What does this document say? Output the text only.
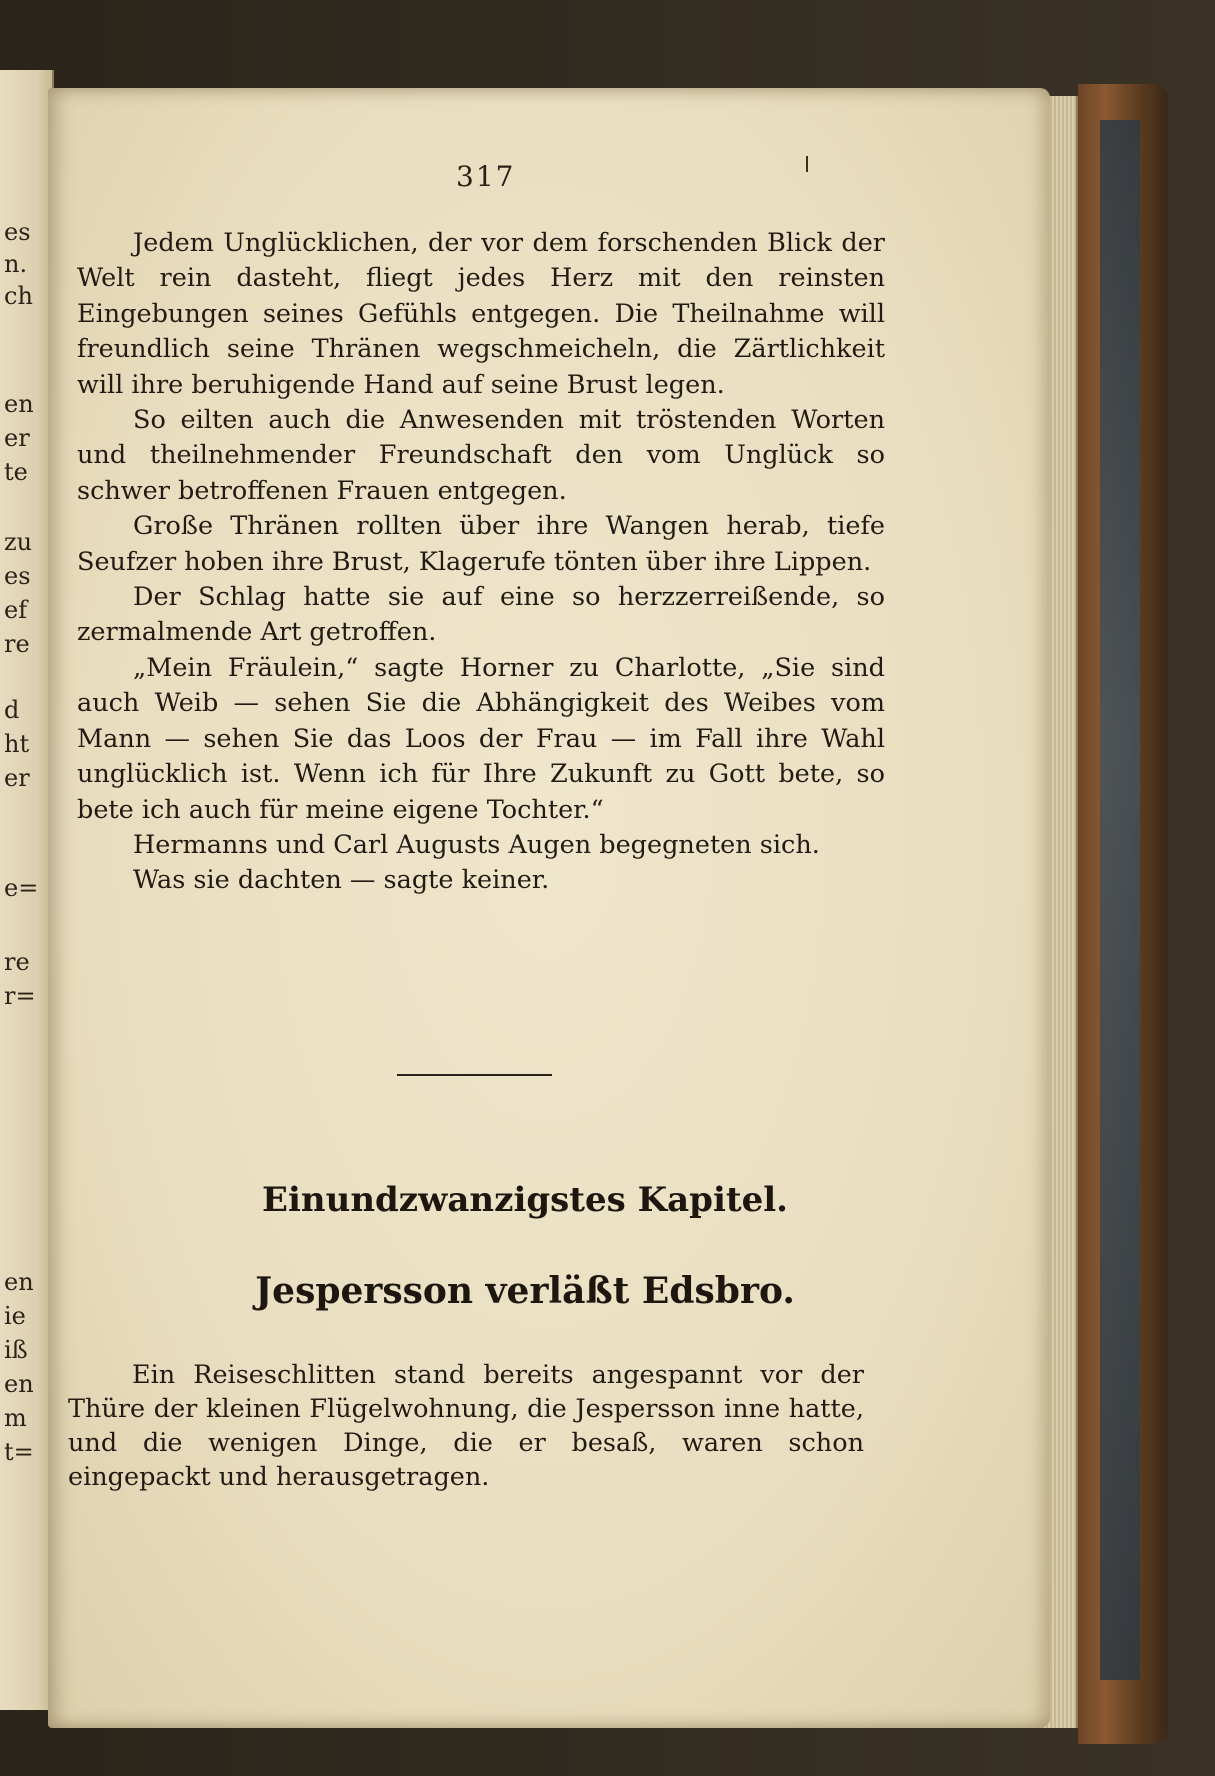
es
n.
ch
en
er
te
zu
es
ef
re
d
ht
er
e=
re
r=
en
ie
iß
en
m
t=
317

Jedem Unglücklichen, der vor dem forschenden Blick der Welt rein dasteht, fliegt jedes Herz mit den reinsten Eingebungen seines Gefühls entgegen. Die Theilnahme will freundlich seine Thränen wegschmeicheln, die Zärtlichkeit will ihre beruhigende Hand auf seine Brust legen.

So eilten auch die Anwesenden mit tröstenden Worten und theilnehmender Freundschaft den vom Unglück so schwer betroffenen Frauen entgegen.

Große Thränen rollten über ihre Wangen herab, tiefe Seufzer hoben ihre Brust, Klagerufe tönten über ihre Lippen.

Der Schlag hatte sie auf eine so herzzerreißende, so zermalmende Art getroffen.

„Mein Fräulein,“ sagte Horner zu Charlotte, „Sie sind auch Weib — sehen Sie die Abhängigkeit des Weibes vom Mann — sehen Sie das Loos der Frau — im Fall ihre Wahl unglücklich ist. Wenn ich für Ihre Zukunft zu Gott bete, so bete ich auch für meine eigene Tochter.“

Hermanns und Carl Augusts Augen begegneten sich.

Was sie dachten — sagte keiner.

Einundzwanzigstes Kapitel.
Jespersson verläßt Edsbro.

Ein Reiseschlitten stand bereits angespannt vor der Thüre der kleinen Flügelwohnung, die Jespersson inne hatte, und die wenigen Dinge, die er besaß, waren schon eingepackt und herausgetragen.
